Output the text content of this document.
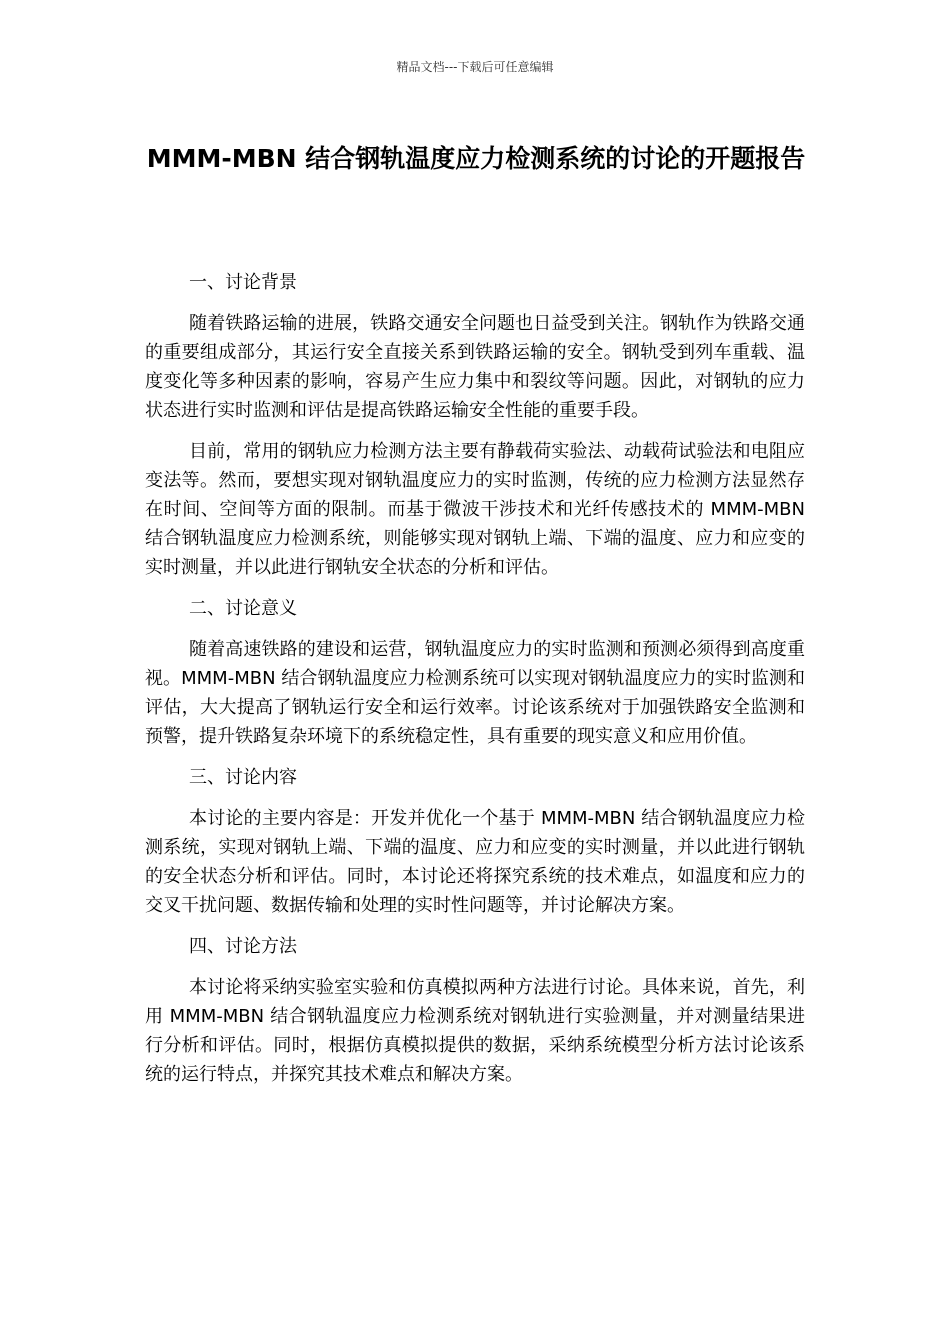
精品文档---下载后可任意编辑
MMM-MBN 结合钢轨温度应力检测系统的讨论的开题报告
一、讨论背景

随着铁路运输的进展，铁路交通安全问题也日益受到关注。钢轨作为铁路交通的重要组成部分，其运行安全直接关系到铁路运输的安全。钢轨受到列车重载、温度变化等多种因素的影响，容易产生应力集中和裂纹等问题。因此，对钢轨的应力状态进行实时监测和评估是提高铁路运输安全性能的重要手段。

目前，常用的钢轨应力检测方法主要有静载荷实验法、动载荷试验法和电阻应变法等。然而，要想实现对钢轨温度应力的实时监测，传统的应力检测方法显然存在时间、空间等方面的限制。而基于微波干涉技术和光纤传感技术的 MMM-MBN 结合钢轨温度应力检测系统，则能够实现对钢轨上端、下端的温度、应力和应变的实时测量，并以此进行钢轨安全状态的分析和评估。

二、讨论意义

随着高速铁路的建设和运营，钢轨温度应力的实时监测和预测必须得到高度重视。MMM-MBN 结合钢轨温度应力检测系统可以实现对钢轨温度应力的实时监测和评估，大大提高了钢轨运行安全和运行效率。讨论该系统对于加强铁路安全监测和预警，提升铁路复杂环境下的系统稳定性，具有重要的现实意义和应用价值。

三、讨论内容

本讨论的主要内容是：开发并优化一个基于 MMM-MBN 结合钢轨温度应力检测系统，实现对钢轨上端、下端的温度、应力和应变的实时测量，并以此进行钢轨的安全状态分析和评估。同时，本讨论还将探究系统的技术难点，如温度和应力的交叉干扰问题、数据传输和处理的实时性问题等，并讨论解决方案。

四、讨论方法

本讨论将采纳实验室实验和仿真模拟两种方法进行讨论。具体来说，首先，利用 MMM-MBN 结合钢轨温度应力检测系统对钢轨进行实验测量，并对测量结果进行分析和评估。同时，根据仿真模拟提供的数据，采纳系统模型分析方法讨论该系统的运行特点，并探究其技术难点和解决方案。
